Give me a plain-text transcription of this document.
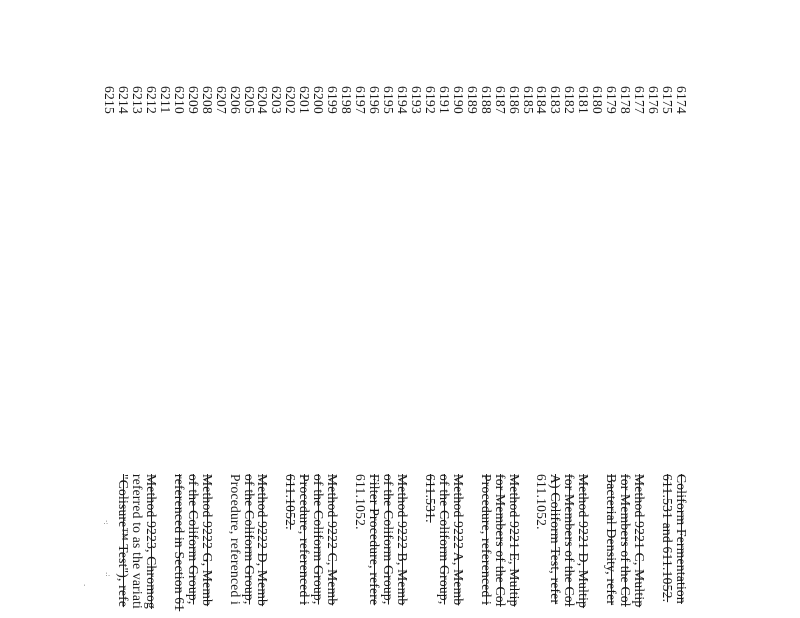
6174
6175
6176
6177
6178
6179
6180
6181
6182
6183
6184
6185
6186
6187
6188
6189
6190
6191
6192
6193
6194
6195
6196
6197
6198
6199
6200
6201
6202
6203
6204
6205
6206
6207
6208
6209
6210
6211
6212
6213
6214
6215
Coliform Fermentation
611.531 and 611.1052.
Method 9221 C, Multip
for Members of the Col
Bacterial Density, refer
Method 9221 D, Multip
for Members of the Col
A) Coliform Test, refer
611.1052.
Method 9221 E, Multip
for Members of the Col
Procedure, referenced i
Method 9222 A, Memb
of the Coliform Group,
611.531.
Method 9222 B, Memb
of the Coliform Group,
Filter Procedure, refere
611.1052.
Method 9222 C, Memb
of the Coliform Group,
Procedure, referenced i
611.1052.
Method 9222 D, Memb
of the Coliform Group,
Procedure, referenced i
Method 9222 G, Memb
of the Coliform Group,
referenced in Section 61
Method 9223, Chromog
referred to as the variati
"Colisure™ Test"), refe
.:
·
·:
